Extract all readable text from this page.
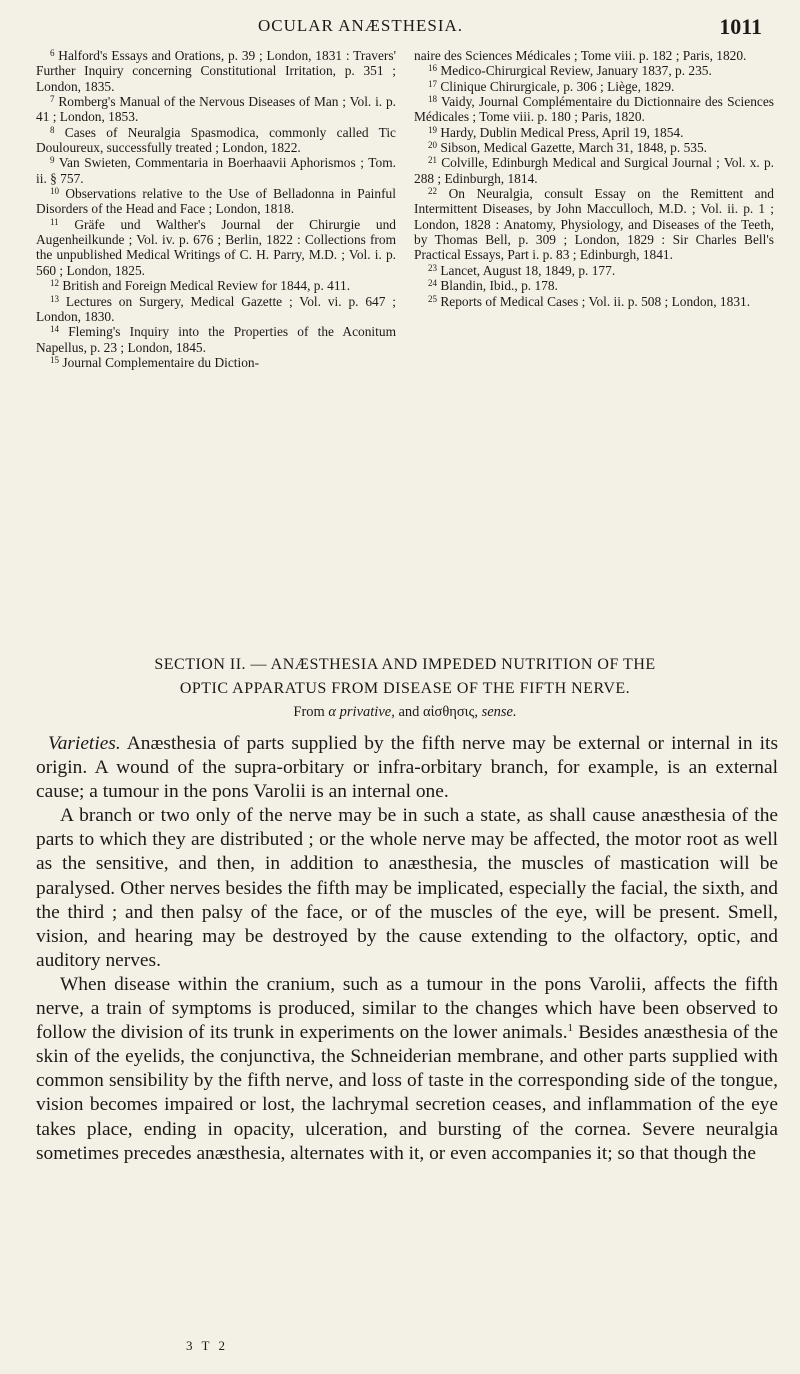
OCULAR ANÆSTHESIA.	1011

$^6$ Halford's Essays and Orations, p. 39 ; London, 1831 : Travers' Further Inquiry concerning Constitutional Irritation, p. 351 ; London, 1835.

$^7$ Romberg's Manual of the Nervous Diseases of Man ; Vol. i. p. 41 ; London, 1853.

$^8$ Cases of Neuralgia Spasmodica, commonly called Tic Douloureux, successfully treated ; London, 1822.

$^9$ Van Swieten, Commentaria in Boerhaavii Aphorismos ; Tom. ii. § 757.

$^{10}$ Observations relative to the Use of Belladonna in Painful Disorders of the Head and Face ; London, 1818.

$^{11}$ Gräfe und Walther's Journal der Chirurgie und Augenheilkunde ; Vol. iv. p. 676 ; Berlin, 1822 : Collections from the unpublished Medical Writings of C. H. Parry, M.D. ; Vol. i. p. 560 ; London, 1825.

$^{12}$ British and Foreign Medical Review for 1844, p. 411.

$^{13}$ Lectures on Surgery, Medical Gazette ; Vol. vi. p. 647 ; London, 1830.

$^{14}$ Fleming's Inquiry into the Properties of the Aconitum Napellus, p. 23 ; London, 1845.

$^{15}$ Journal Complementaire du Diction-

naire des Sciences Médicales ; Tome viii. p. 182 ; Paris, 1820.

$^{16}$ Medico-Chirurgical Review, January 1837, p. 235.

$^{17}$ Clinique Chirurgicale, p. 306 ; Liège, 1829.

$^{18}$ Vaidy, Journal Complémentaire du Dictionnaire des Sciences Médicales ; Tome viii. p. 180 ; Paris, 1820.

$^{19}$ Hardy, Dublin Medical Press, April 19, 1854.

$^{20}$ Sibson, Medical Gazette, March 31, 1848, p. 535.

$^{21}$ Colville, Edinburgh Medical and Surgical Journal ; Vol. x. p. 288 ; Edinburgh, 1814.

$^{22}$ On Neuralgia, consult Essay on the Remittent and Intermittent Diseases, by John Macculloch, M.D. ; Vol. ii. p. 1 ; London, 1828 : Anatomy, Physiology, and Diseases of the Teeth, by Thomas Bell, p. 309 ; London, 1829 : Sir Charles Bell's Practical Essays, Part i. p. 83 ; Edinburgh, 1841.

$^{23}$ Lancet, August 18, 1849, p. 177.

$^{24}$ Blandin, Ibid., p. 178.

$^{25}$ Reports of Medical Cases ; Vol. ii. p. 508 ; London, 1831.

SECTION II. — ANÆSTHESIA AND IMPEDED NUTRITION OF THE
OPTIC APPARATUS FROM DISEASE OF THE FIFTH NERVE.
From α privative, and αἰσθησις, sense.

Varieties. Anæsthesia of parts supplied by the fifth nerve may be external or internal in its origin. A wound of the supra-orbitary or infra-orbitary branch, for example, is an external cause; a tumour in the pons Varolii is an internal one.

A branch or two only of the nerve may be in such a state, as shall cause anæsthesia of the parts to which they are distributed ; or the whole nerve may be affected, the motor root as well as the sensitive, and then, in addition to anæsthesia, the muscles of mastication will be paralysed. Other nerves besides the fifth may be implicated, especially the facial, the sixth, and the third ; and then palsy of the face, or of the muscles of the eye, will be present. Smell, vision, and hearing may be destroyed by the cause extending to the olfactory, optic, and auditory nerves.

When disease within the cranium, such as a tumour in the pons Varolii, affects the fifth nerve, a train of symptoms is produced, similar to the changes which have been observed to follow the division of its trunk in experiments on the lower animals.$^1$ Besides anæsthesia of the skin of the eyelids, the conjunctiva, the Schneiderian membrane, and other parts supplied with common sensibility by the fifth nerve, and loss of taste in the corresponding side of the tongue, vision becomes impaired or lost, the lachrymal secretion ceases, and inflammation of the eye takes place, ending in opacity, ulceration, and bursting of the cornea. Severe neuralgia sometimes precedes anæsthesia, alternates with it, or even accompanies it; so that though the

3 T 2
